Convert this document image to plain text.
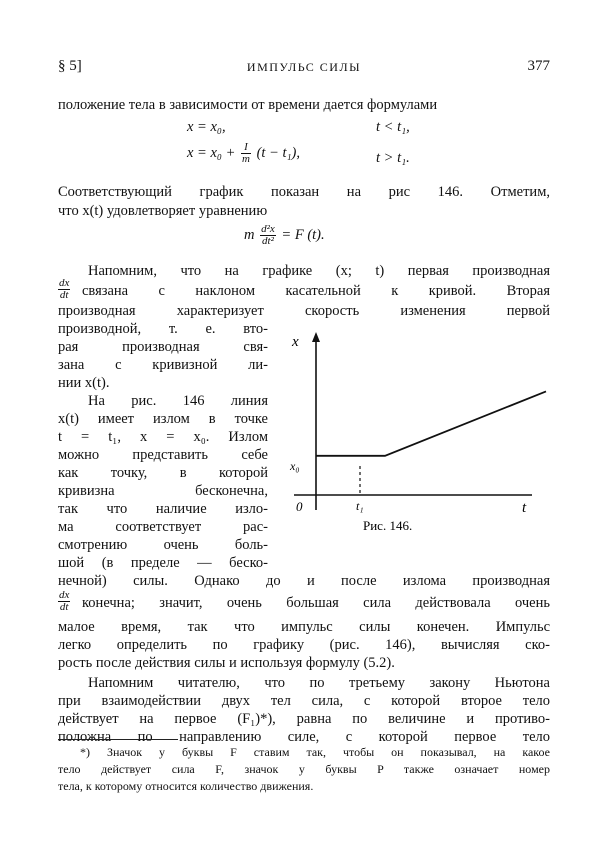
§ 5]	ИМПУЛЬС СИЛЫ	377
положение тела в зависимости от времени дается формулами
x = x₀,	t < t₁,
$x = x_0 + \frac{I}{m} (t - t_1)$,	t > t₁.
Соответствующий график показан на рис 146. Отметим,
что x(t) удовлетворяет уравнению
m $\frac{\text{d²x}}{\text{dt²}} = F$ (t).
Напомним, что на графике (x; t) первая производная
$\frac{dx}{dt}$ связана с наклоном касательной к кривой. Вторая
производная характеризует скорость изменения первой
производной, т. е. вто-
рая производная свя-
зана с кривизной ли-
нии x(t).
На рис. 146 линия
x(t) имеет излом в точке
t = t₁, x = x₀. Излом
можно представить себе
как точку, в которой
кривизна бесконечна,
так что наличие изло-
ма соответствует рас-
смотрению очень боль-
шой (в пределе — беско-
x
t
0
x₀
t₁
Рис. 146.
нечной) силы. Однако до и после излома производная
$\frac{dx}{dt}$ конечна; значит, очень большая сила действовала очень
малое время, так что импульс силы конечен. Импульс
легко определить по графику (рис. 146), вычисляя ско-
рость после действия силы и используя формулу (5.2).
Напомним читателю, что по третьему закону Ньютона
при взаимодействии двух тел сила, с которой второе тело
действует на первое (F₁)*), равна по величине и противо-
положна по направлению силе, с которой первое тело
*) Значок у буквы F ставим так, чтобы он показывал, на какое
тело действует сила F, значок у буквы P также означает номер
тела, к которому относится количество движения.
